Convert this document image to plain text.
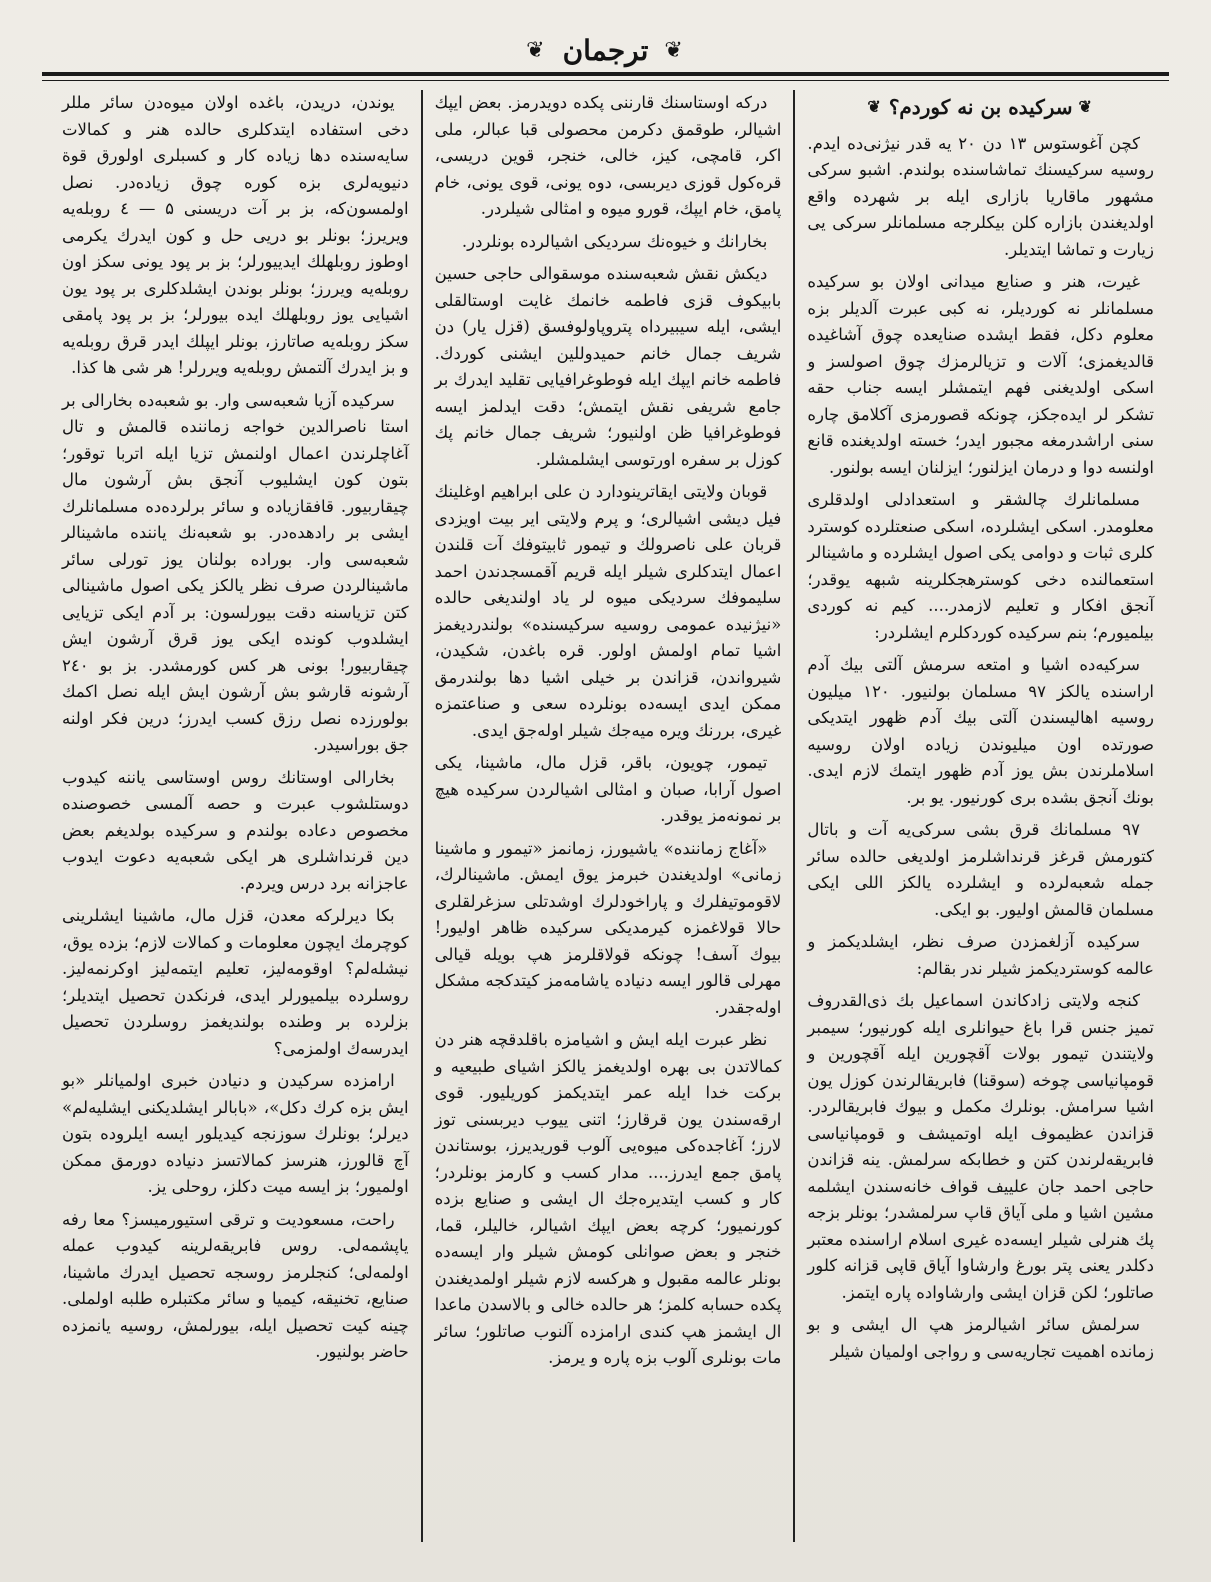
❦ ترجمان ❦
❦
سرکیده بن نه کوردم؟
❦

کچن آغوستوس ۱۳ دن ۲۰ یه قدر نیژنی‌ده ایدم. روسیه سرکیسنك تماشاسنده بولندم. اشبو سرکی مشهور ماقاریا بازاری ایله بر شهرده واقع اولدیغندن بازاره کلن بیکلرجه مسلمانلر سرکی یی زیارت و تماشا ایتدیلر.

غیرت، هنر و صنایع میدانی اولان بو سرکیده مسلمانلر نه کوردیلر، نه کبی عبرت آلدیلر بزه معلوم دکل، فقط ایشده صنایعده چوق آشاغیده قالدیغمزی؛ آلات و تزیالرمزك چوق اصولسز و اسکی اولدیغنی فهم ایتمشلر ایسه جناب حقه تشکر لر ایده‌جکز، چونکه قصورمزی آکلامق چاره سنی اراشدرمغه مجبور ایدر؛ خسته اولدیغنده قانع اولنسه دوا و درمان ایزلنور؛ ایزلنان ایسه بولنور.

مسلمانلرك چالشقر و استعدادلی اولدقلری معلومدر. اسکی ایشلرده، اسکی صنعتلرده کوسترد کلری ثبات و دوامی یکی اصول ایشلرده و ماشینالر استعمالنده دخی کوسترهجکلرینه شبهه یوقدر؛ آنجق افکار و تعلیم لازمدر.... کیم نه کوردی بیلمیورم؛ بنم سرکیده کوردکلرم ایشلردر:

سرکیه‌ده اشیا و امتعه سرمش آلتی بیك آدم اراسنده یالکز ۹۷ مسلمان بولنیور. ۱۲۰ میلیون روسیه اهالیسندن آلتی بیك آدم ظهور ایتدیکی صورتده اون میلیوندن زیاده اولان روسیه اسلاملرندن بش یوز آدم ظهور ایتمك لازم ایدی. بونك آنجق بشده بری کورنیور. یو بر.

۹۷ مسلمانك قرق بشی سرکی‌یه آت و باتال کتورمش قرغز قرنداشلرمز اولدیغی حالده سائر جمله شعبه‌لرده و ایشلرده یالکز اللی ایکی مسلمان قالمش اولیور. بو ایکی.

سرکیده آزلغمزدن صرف نظر، ایشلدیکمز و عالمه کوستردیکمز شیلر ندر بقالم:

کنجه ولایتی زادکاندن اسماعیل بك ذی‌القدروف تمیز جنس قرا باغ حیوانلری ایله کورنیور؛ سیمبر ولایتندن تیمور بولات آقچورین ایله آقچورین و قومپانیاسی چوخه (سوقنا) فابریقالرندن کوزل یون اشیا سرامش. بونلرك مکمل و بیوك فابریقالردر. قزاندن عظیموف ایله اوتمیشف و قومپانیاسی فابریقه‌لرندن کتن و خطابکه سرلمش. ینه قزاندن حاجی احمد جان علییف قواف خانه‌سندن ایشلمه مشین اشیا و ملی آیاق قاپ سرلمشدر؛ بونلر بزجه پك هنرلی شیلر ایسه‌ده غیری اسلام اراسنده معتبر دکلدر یعنی پتر بورغ وارشاوا آیاق قاپی قزانه کلور صاتلور؛ لکن قزان ایشی وارشاواده پاره ایتمز.

سرلمش سائر اشیالرمز هپ ال ایشی و بو زمانده اهمیت تجاریه‌سی و رواجی اولمیان شیلر

درکه اوستاسنك قارننی پکده دویدرمز. بعض ایپك اشیالر، طوقمق دکرمن محصولی قبا عبالر، ملی اکر، قامچی، کیز، خالی، خنجر، قوین دریسی، قره‌کول قوزی دیربسی، دوه یونی، قوی یونی، خام پامق، خام ایپك، قورو میوه و امثالی شیلردر.

بخارانك و خیوه‌نك سردیکی اشیالرده بونلردر.

دیکش نقش شعبه‌سنده موسقوالی حاجی حسین بابیکوف قزی فاطمه خانمك غایت اوستالقلی ایشی، ایله سیبیرداه پتروپاولوفسق (قزل یار) دن شریف جمال خانم حمیدوللین ایشنی کوردك. فاطمه خانم ایپك ایله فوطوغرافیایی تقلید ایدرك بر جامع شریفی نقش ایتمش؛ دقت ایدلمز ایسه فوطوغرافیا ظن اولنیور؛ شریف جمال خانم پك کوزل بر سفره اورتوسی ایشلمشلر.

قوبان ولایتی ایقاترینودارد ن علی ابراهیم اوغلینك فیل دیشی اشیالری؛ و پرم ولایتی ایر بیت اویزدی قربان علی ناصرولك و تیمور ثابیتوفك آت قلندن اعمال ایتدکلری شیلر ایله قریم آقمسجدندن احمد سلیموفك سردیکی میوه لر یاد اولندیغی حالده «نیژنیده عمومی روسیه سرکیسنده» بولندردیغمز اشیا تمام اولمش اولور. قره باغدن، شکیدن، شیرواندن، قزاندن بر خیلی اشیا دها بولندرمق ممکن ایدی ایسه‌ده بونلرده سعی و صناعتمزه غیری، بررنك ویره میه‌جك شیلر اوله‌جق ایدی.

تیمور، چویون، باقر، قزل مال، ماشینا، یکی اصول آرابا، صبان و امثالی اشیالردن سرکیده هیچ بر نمونه‌مز یوقدر.

«آغاج زماننده» یاشیورز، زمانمز «تیمور و ماشینا زمانی» اولدیغندن خبرمز یوق ایمش. ماشینالرك، لاقوموتیفلرك و پاراخودلرك اوشدتلی سزغرلقلری حالا قولاغمزه کیرمدیکی سرکیده ظاهر اولیور! بیوك آسف! چونکه قولاقلرمز هپ بویله قیالی مهرلی قالور ایسه دنیاده یاشامه‌مز کیتدکجه مشکل اوله‌جقدر.

نظر عبرت ایله ایش و اشیامزه باقلدقچه هنر دن کمالاتدن بی بهره اولدیغمز یالکز اشیای طبیعیه و برکت خدا ایله عمر ایتدیکمز کوریلیور. قوی ارقه‌سندن یون قرقارز؛ اتنی ییوب دیربسنی توز لارز؛ آغاجده‌کی میوه‌یی آلوب قوریدیرز، بوستاندن پامق جمع ایدرز.... مدار کسب و کارمز بونلردر؛ کار و کسب ایتدیره‌جك ال ایشی و صنایع بزده کورنمیور؛ کرچه بعض ایپك اشیالر، خالیلر، قما، خنجر و بعض صوانلی کومش شیلر وار ایسه‌ده بونلر عالمه مقبول و هرکسه لازم شیلر اولمدیغندن پکده حسابه کلمز؛ هر حالده خالی و بالاسدن ماعدا ال ایشمز هپ کندی ارامزده آلنوب صاتلور؛ سائر مات بونلری آلوب بزه پاره و یرمز.

یوندن، دریدن، باغده اولان میوه‌دن سائر مللر دخی استفاده ایتدکلری حالده هنر و کمالات سایه‌سنده دها زیاده کار و کسبلری اولورق قوة دنیویه‌لری بزه کوره چوق زیاده‌در. نصل اولمسون‌که، بز بر آت دریسنی ۵ — ٤ روبله‌یه ویریرز؛ بونلر بو دریی حل و کون ایدرك یکرمی اوطوز روبلهلك ایدییورلر؛ بز بر پود یونی سکز اون روبله‌یه ویررز؛ بونلر بوندن ایشلدکلری بر پود یون اشیایی یوز روبلهلك ایده بیورلر؛ بز بر پود پامقی سکز روبله‌یه صاتارز، بونلر ایپلك ایدر قرق روبله‌یه و بز ایدرك آلتمش روبله‌یه ویررلر! هر شی ها کذا.

سرکیده آزیا شعبه‌سی وار. بو شعبه‌ده بخارالی بر استا ناصرالدین خواجه زماننده قالمش و تال آغاچلرندن اعمال اولنمش تزیا ایله اتربا توقور؛ بتون کون ایشلیوب آنجق بش آرشون مال چیقاربیور. قافقازیاده و سائر برلرده‌ده مسلمانلرك ایشی بر رادهده‌در. بو شعبه‌نك یاننده ماشینالر شعبه‌سی وار. بوراده بولنان یوز تورلی سائر ماشینالردن صرف نظر یالکز یکی اصول ماشینالی کتن تزیاسنه دقت بیورلسون: بر آدم ایکی تزیایی ایشلدوب کونده ایکی یوز قرق آرشون ایش چیقاربیور! بونی هر کس کورمشدر. بز بو ۲٤۰ آرشونه قارشو بش آرشون ایش ایله نصل اکمك بولورزده نصل رزق کسب ایدرز؛ درین فکر اولنه جق بوراسیدر.

بخارالی اوستانك روس اوستاسی یاننه کیدوب دوستلشوب عبرت و حصه آلمسی خصوصنده مخصوص دعاده بولندم و سرکیده بولدیغم بعض دین قرنداشلری هر ایکی شعبه‌یه دعوت ایدوب عاجزانه برد درس ویردم.

بکا دیرلرکه معدن، قزل مال، ماشینا ایشلرینی کوچرمك ایچون معلومات و کمالات لازم؛ بزده یوق، نیشله‌لم؟ اوقومه‌لیز، تعلیم ایتمه‌لیز اوکرنمه‌لیز. روسلرده بیلمیورلر ایدی، فرنکدن تحصیل ایتدیلر؛ بزلرده بر وطنده بولندیغمز روسلردن تحصیل ایدرسه‌ك اولمزمی؟

ارامزده سرکیدن و دنیادن خبری اولمیانلر «بو ایش بزه کرك دکل»، «بابالر ایشلدیکنی ایشلیه‌لم» دیرلر؛ بونلرك سوزنجه کیدیلور ایسه ایلروده بتون آچ قالورز، هنرسز کمالاتسز دنیاده دورمق ممکن اولمیور؛ بز ایسه میت دکلز، روحلی یز.

راحت، مسعودیت و ترقی استیورمیسز؟ معا رفه یاپشمه‌لی. روس فابریقه‌لرینه کیدوب عمله اولمه‌لی؛ کنجلرمز روسجه تحصیل ایدرك ماشینا، صنایع، تخنیقه، کیمیا و سائر مکتبلره طلبه اولملی. چینه کیت تحصیل ایله، بیورلمش، روسیه یانمزده حاضر بولنیور.
